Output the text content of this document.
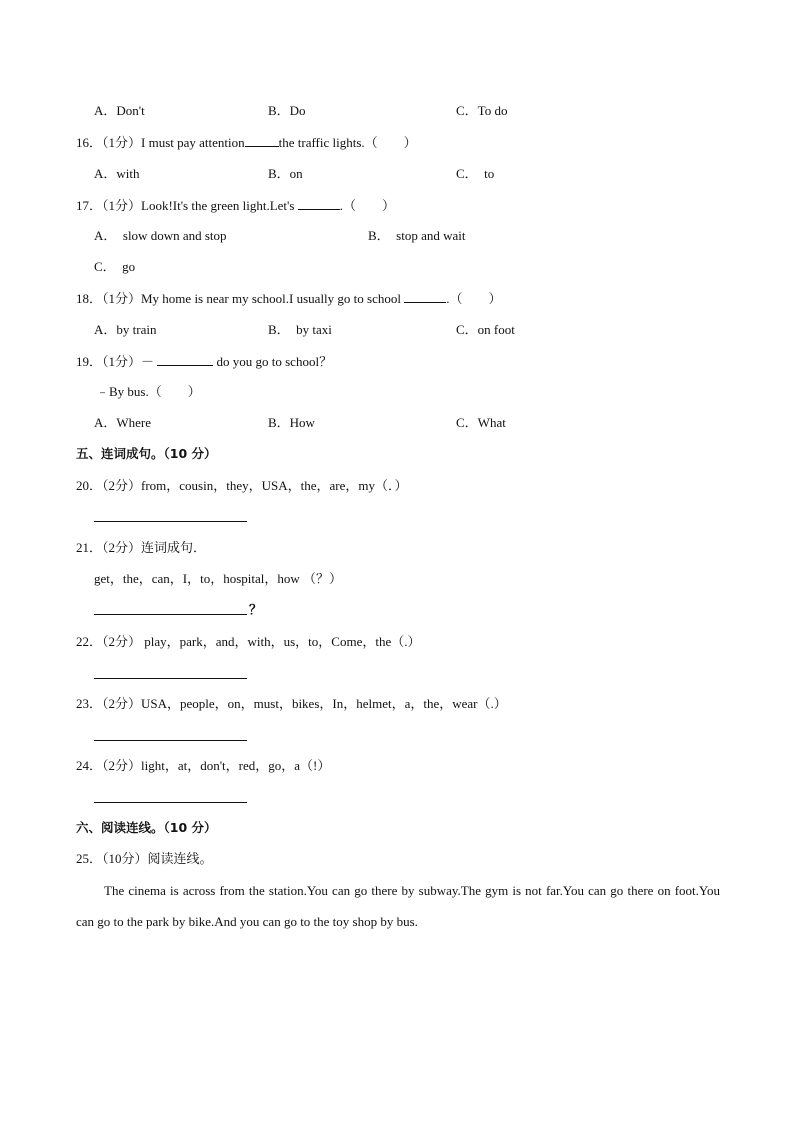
A．Don't	B．Do	C．To do
16．（1分）I must pay attention	the traffic lights.（　　）
A．with	B．on	C．　to
17．（1分）Look!It's the green light.Let's	.（　　）
A．　slow down and stop	B．　stop and wait
C．　go
18．（1分）My home is near my school.I usually go to school	.（　　）
A．by train	B．　by taxi	C．on foot
19．（1分）－	do you go to school？
﹣By bus.（　　）
A．Where	B．How	C．What
五、连词成句。（10 分）
20．（2分）from，cousin，they，USA，the，are，my（．）
21．（2分）连词成句．
get，the，can，I，to，hospital，how （？）
？
22．（2分） play，park，and，with，us，to，Come，the（.）
23．（2分）USA，people，on，must，bikes，In，helmet，a，the，wear（.）
24．（2分）light，at，don't，red，go，a（!）
六、阅读连线。（10 分）
25．（10分）阅读连线。
The cinema is across from the station.You can go there by subway.The gym is not far.You can go there on foot.You can go to the park by bike.And you can go to the toy shop by bus.
